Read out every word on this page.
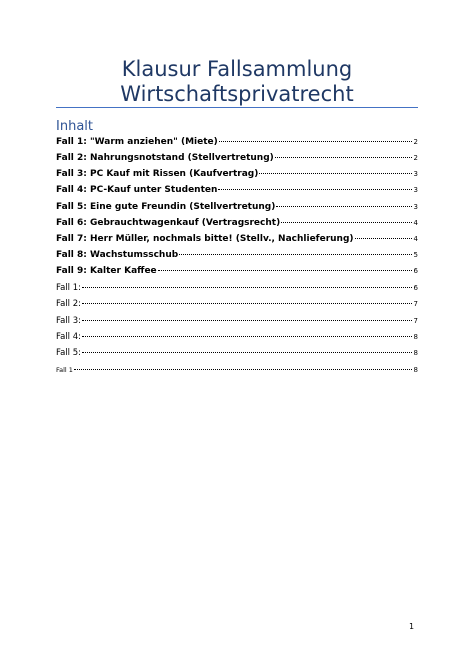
Klausur Fallsammlung
Wirtschaftsprivatrecht
Inhalt
Fall 1: "Warm anziehen" (Miete)	2
Fall 2: Nahrungsnotstand (Stellvertretung)	2
Fall 3: PC Kauf mit Rissen (Kaufvertrag)	3
Fall 4: PC-Kauf unter Studenten	3
Fall 5: Eine gute Freundin (Stellvertretung)	3
Fall 6: Gebrauchtwagenkauf (Vertragsrecht)	4
Fall 7: Herr Müller, nochmals bitte! (Stellv., Nachlieferung)	4
Fall 8: Wachstumsschub	5
Fall 9: Kalter Kaffee	6
Fall 1:	6
Fall 2:	7
Fall 3:	7
Fall 4:	8
Fall 5:	8
Fall 1	8
1
